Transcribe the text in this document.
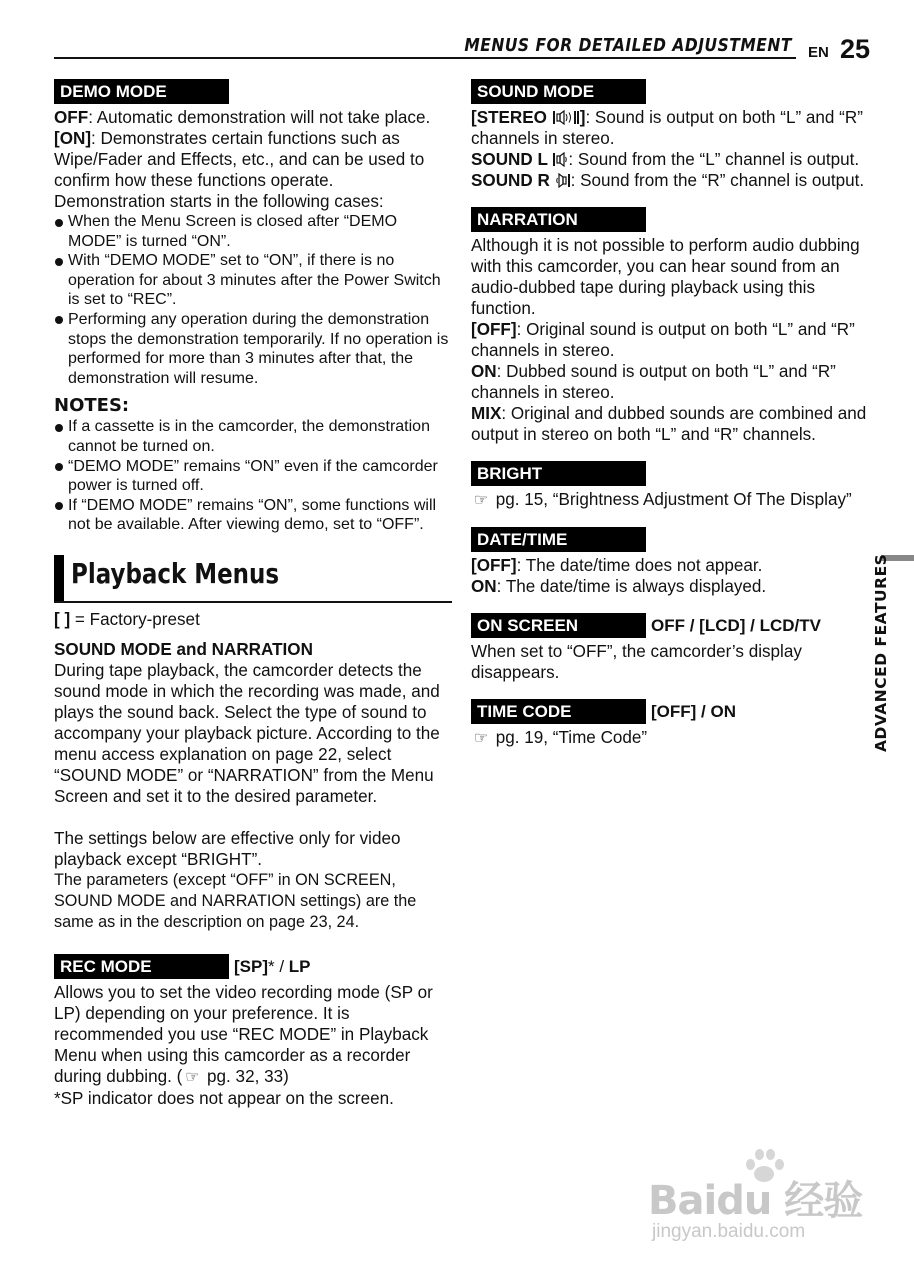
MENUS FOR DETAILED ADJUSTMENT EN 25
DEMO MODE

OFF: Automatic demonstration will not take place.

[ON]: Demonstrates certain functions such as Wipe/Fader and Effects, etc., and can be used to confirm how these functions operate.

Demonstration starts in the following cases:

When the Menu Screen is closed after “DEMO MODE” is turned “ON”.
With “DEMO MODE” set to “ON”, if there is no operation for about 3 minutes after the Power Switch is set to “REC”.
Performing any operation during the demonstration stops the demonstration temporarily. If no operation is performed for more than 3 minutes after that, the demonstration will resume.
NOTES:
If a cassette is in the camcorder, the demonstration cannot be turned on.
“DEMO MODE” remains “ON” even if the camcorder power is turned off.
If “DEMO MODE” remains “ON”, some functions will not be available. After viewing demo, set to “OFF”.
Playback Menus

[ ] = Factory-preset

SOUND MODE and NARRATION

During tape playback, the camcorder detects the sound mode in which the recording was made, and plays the sound back. Select the type of sound to accompany your playback picture. According to the menu access explanation on page 22, select “SOUND MODE” or “NARRATION” from the Menu Screen and set it to the desired parameter.

The settings below are effective only for video playback except “BRIGHT”.

The parameters (except “OFF” in ON SCREEN, SOUND MODE and NARRATION settings) are the same as in the description on page 23, 24.

REC MODE	[SP]* / LP

Allows you to set the video recording mode (SP or LP) depending on your preference. It is recommended you use “REC MODE” in Playback Menu when using this camcorder as a recorder during dubbing. ( ☞ pg. 32, 33)

*SP indicator does not appear on the screen.

SOUND MODE

[STEREO ]: Sound is output on both “L” and “R” channels in stereo.

SOUND L : Sound from the “L” channel is output.

SOUND R : Sound from the “R” channel is output.

NARRATION

Although it is not possible to perform audio dubbing with this camcorder, you can hear sound from an audio-dubbed tape during playback using this function.

[OFF]: Original sound is output on both “L” and “R” channels in stereo.

ON: Dubbed sound is output on both “L” and “R” channels in stereo.

MIX: Original and dubbed sounds are combined and output in stereo on both “L” and “R” channels.

BRIGHT

☞ pg. 15, “Brightness Adjustment Of The Display”

DATE/TIME

[OFF]: The date/time does not appear.

ON: The date/time is always displayed.

ON SCREEN	OFF / [LCD] / LCD/TV

When set to “OFF”, the camcorder’s display disappears.

TIME CODE	[OFF] / ON

☞ pg. 19, “Time Code”	ADVANCED FEATURES
Baidu 经验
jingyan.baidu.com
